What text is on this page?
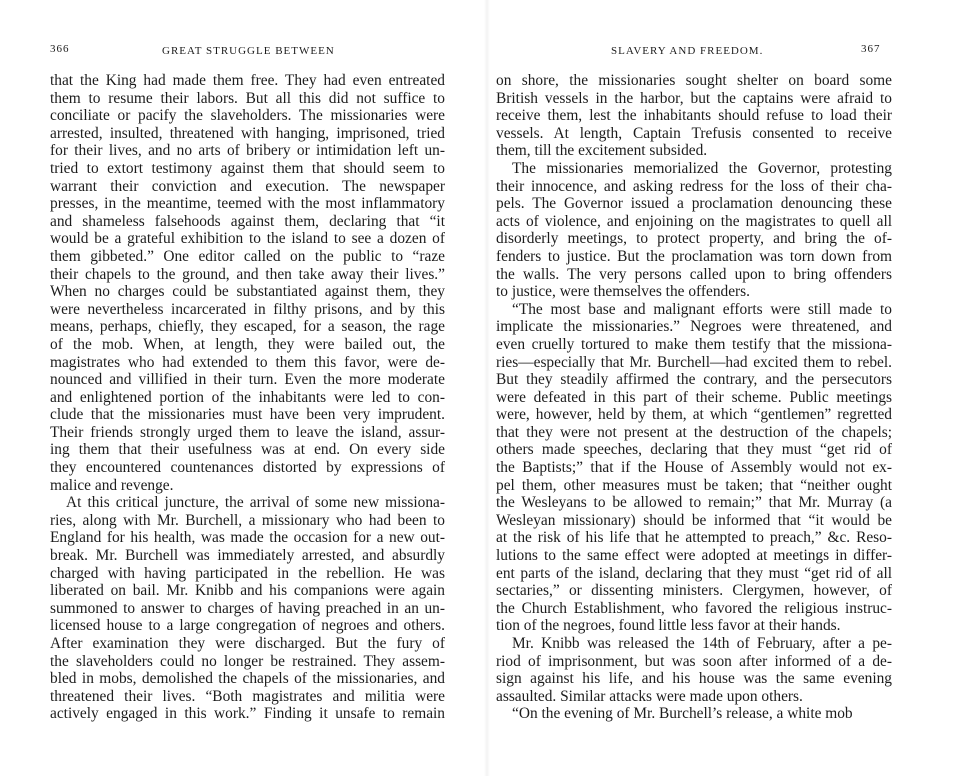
366	GREAT STRUGGLE BETWEEN
that the King had made them free. They had even entreated
them to resume their labors. But all this did not suffice to
conciliate or pacify the slaveholders. The missionaries were
arrested, insulted, threatened with hanging, imprisoned, tried
for their lives, and no arts of bribery or intimidation left un-
tried to extort testimony against them that should seem to
warrant their conviction and execution. The newspaper
presses, in the meantime, teemed with the most inflammatory
and shameless falsehoods against them, declaring that “it
would be a grateful exhibition to the island to see a dozen of
them gibbeted.” One editor called on the public to “raze
their chapels to the ground, and then take away their lives.”
When no charges could be substantiated against them, they
were nevertheless incarcerated in filthy prisons, and by this
means, perhaps, chiefly, they escaped, for a season, the rage
of the mob. When, at length, they were bailed out, the
magistrates who had extended to them this favor, were de-
nounced and villified in their turn. Even the more moderate
and enlightened portion of the inhabitants were led to con-
clude that the missionaries must have been very imprudent.
Their friends strongly urged them to leave the island, assur-
ing them that their usefulness was at end. On every side
they encountered countenances distorted by expressions of
malice and revenge.
At this critical juncture, the arrival of some new missiona-
ries, along with Mr. Burchell, a missionary who had been to
England for his health, was made the occasion for a new out-
break. Mr. Burchell was immediately arrested, and absurdly
charged with having participated in the rebellion. He was
liberated on bail. Mr. Knibb and his companions were again
summoned to answer to charges of having preached in an un-
licensed house to a large congregation of negroes and others.
After examination they were discharged. But the fury of
the slaveholders could no longer be restrained. They assem-
bled in mobs, demolished the chapels of the missionaries, and
threatened their lives. “Both magistrates and militia were
actively engaged in this work.” Finding it unsafe to remain
SLAVERY AND FREEDOM.	367
on shore, the missionaries sought shelter on board some
British vessels in the harbor, but the captains were afraid to
receive them, lest the inhabitants should refuse to load their
vessels. At length, Captain Trefusis consented to receive
them, till the excitement subsided.
The missionaries memorialized the Governor, protesting
their innocence, and asking redress for the loss of their cha-
pels. The Governor issued a proclamation denouncing these
acts of violence, and enjoining on the magistrates to quell all
disorderly meetings, to protect property, and bring the of-
fenders to justice. But the proclamation was torn down from
the walls. The very persons called upon to bring offenders
to justice, were themselves the offenders.
“The most base and malignant efforts were still made to
implicate the missionaries.” Negroes were threatened, and
even cruelly tortured to make them testify that the missiona-
ries—especially that Mr. Burchell—had excited them to rebel.
But they steadily affirmed the contrary, and the persecutors
were defeated in this part of their scheme. Public meetings
were, however, held by them, at which “gentlemen” regretted
that they were not present at the destruction of the chapels;
others made speeches, declaring that they must “get rid of
the Baptists;” that if the House of Assembly would not ex-
pel them, other measures must be taken; that “neither ought
the Wesleyans to be allowed to remain;” that Mr. Murray (a
Wesleyan missionary) should be informed that “it would be
at the risk of his life that he attempted to preach,” &c. Reso-
lutions to the same effect were adopted at meetings in differ-
ent parts of the island, declaring that they must “get rid of all
sectaries,” or dissenting ministers. Clergymen, however, of
the Church Establishment, who favored the religious instruc-
tion of the negroes, found little less favor at their hands.
Mr. Knibb was released the 14th of February, after a pe-
riod of imprisonment, but was soon after informed of a de-
sign against his life, and his house was the same evening
assaulted. Similar attacks were made upon others.
“On the evening of Mr. Burchell’s release, a white mob
